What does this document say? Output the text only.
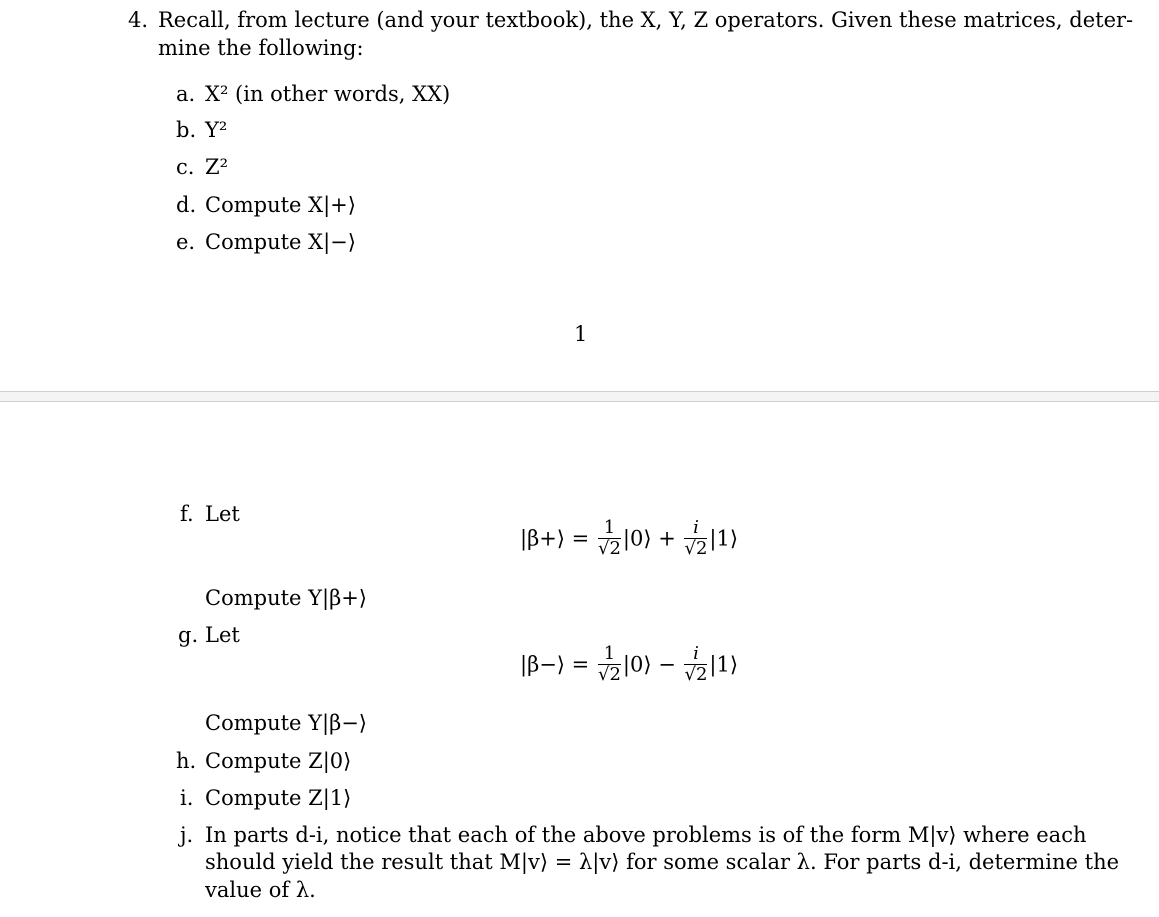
4. Recall, from lecture (and your textbook), the X, Y, Z operators. Given these matrices, deter-
mine the following:
a. X² (in other words, XX)
b. Y²
c. Z²
d. Compute X|+⟩
e. Compute X|−⟩
1
f. Let
|β+⟩ = $\frac{1}{√2}$ |0⟩ + $\frac{i}{√2}$ |1⟩
Compute Y|β+⟩
g. Let
|β−⟩ = $\frac{1}{√2}$ |0⟩ − $\frac{i}{√2}$ |1⟩
Compute Y|β−⟩
h. Compute Z|0⟩
i. Compute Z|1⟩
j. In parts d-i, notice that each of the above problems is of the form M|v⟩ where each
should yield the result that M|v⟩ = λ|v⟩ for some scalar λ. For parts d-i, determine the
value of λ.
